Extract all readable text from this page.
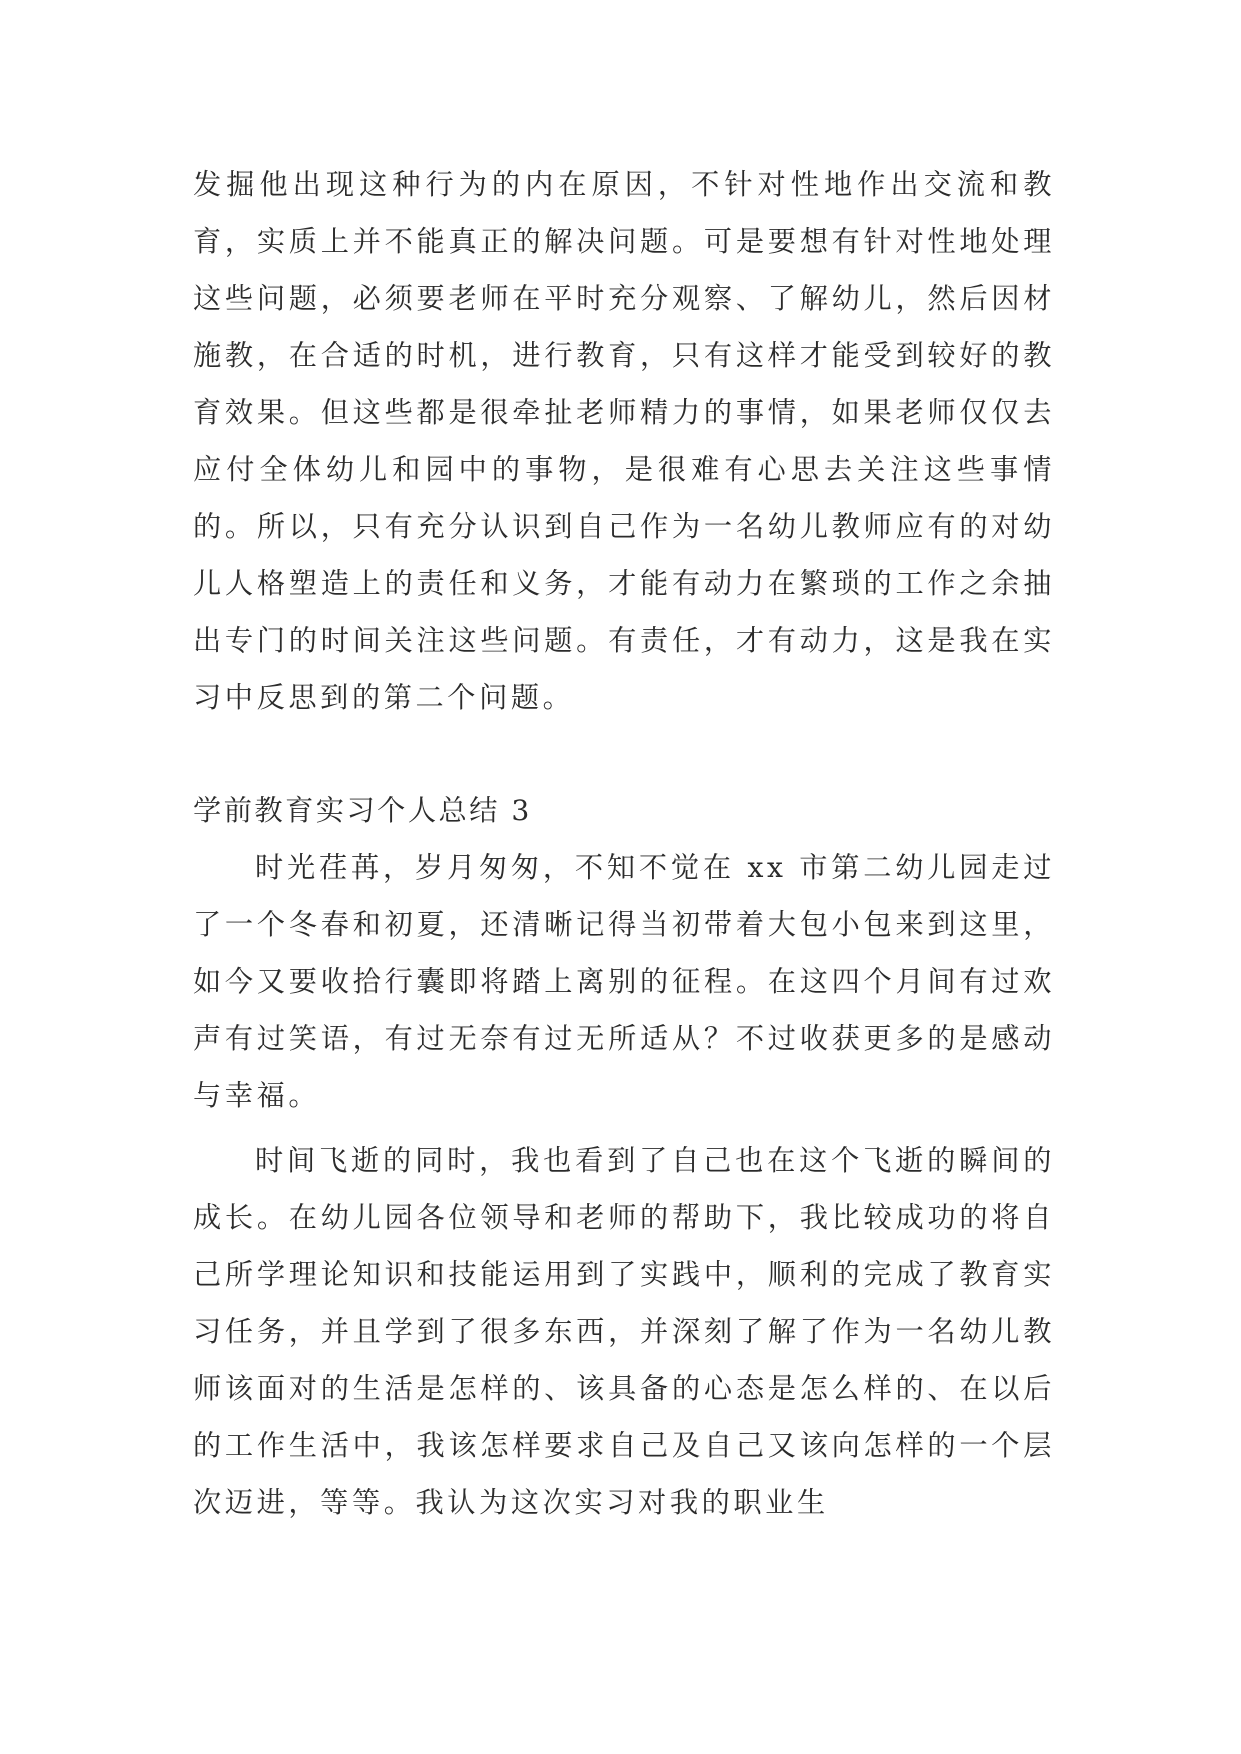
发掘他出现这种行为的内在原因，不针对性地作出交流和教育，实质上并不能真正的解决问题。可是要想有针对性地处理这些问题，必须要老师在平时充分观察、了解幼儿，然后因材施教，在合适的时机，进行教育，只有这样才能受到较好的教育效果。但这些都是很牵扯老师精力的事情，如果老师仅仅去应付全体幼儿和园中的事物，是很难有心思去关注这些事情的。所以，只有充分认识到自己作为一名幼儿教师应有的对幼儿人格塑造上的责任和义务，才能有动力在繁琐的工作之余抽出专门的时间关注这些问题。有责任，才有动力，这是我在实习中反思到的第二个问题。

学前教育实习个人总结 3

时光荏苒，岁月匆匆，不知不觉在 xx 市第二幼儿园走过了一个冬春和初夏，还清晰记得当初带着大包小包来到这里，如今又要收拾行囊即将踏上离别的征程。在这四个月间有过欢声有过笑语，有过无奈有过无所适从？不过收获更多的是感动与幸福。

时间飞逝的同时，我也看到了自己也在这个飞逝的瞬间的成长。在幼儿园各位领导和老师的帮助下，我比较成功的将自己所学理论知识和技能运用到了实践中，顺利的完成了教育实习任务，并且学到了很多东西，并深刻了解了作为一名幼儿教师该面对的生活是怎样的、该具备的心态是怎么样的、在以后的工作生活中，我该怎样要求自己及自己又该向怎样的一个层次迈进，等等。我认为这次实习对我的职业生
